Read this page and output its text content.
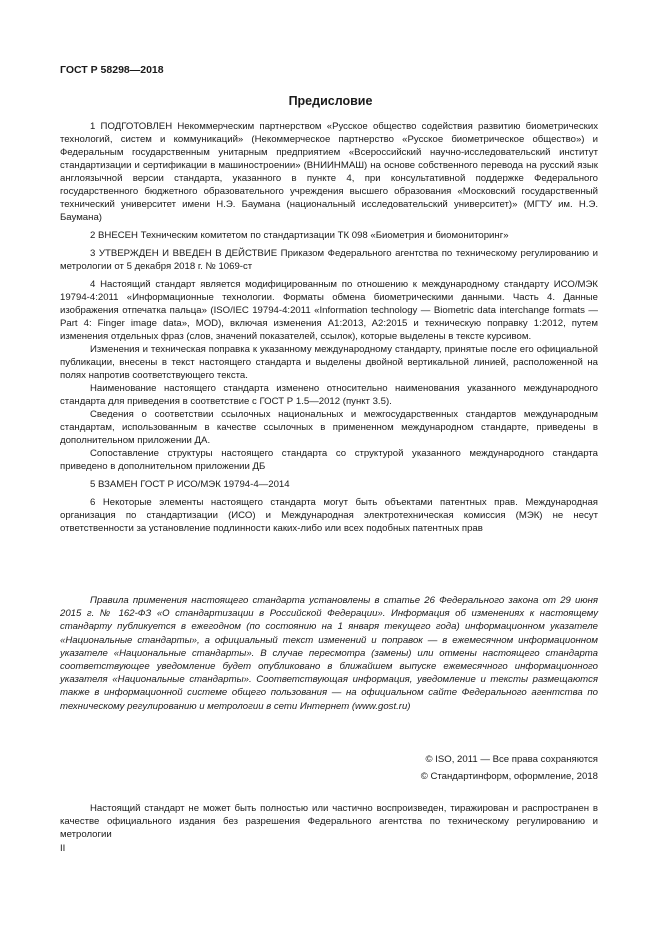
ГОСТ Р 58298—2018
Предисловие

1 ПОДГОТОВЛЕН Некоммерческим партнерством «Русское общество содействия развитию биометрических технологий, систем и коммуникаций» (Некоммерческое партнерство «Русское биометрическое общество») и Федеральным государственным унитарным предприятием «Всероссийский научно-исследовательский институт стандартизации и сертификации в машиностроении» (ВНИИНМАШ) на основе собственного перевода на русский язык англоязычной версии стандарта, указанного в пункте 4, при консультативной поддержке Федерального государственного бюджетного образовательного учреждения высшего образования «Московский государственный технический университет имени Н.Э. Баумана (национальный исследовательский университет)» (МГТУ им. Н.Э. Баумана)

2 ВНЕСЕН Техническим комитетом по стандартизации ТК 098 «Биометрия и биомониторинг»

3 УТВЕРЖДЕН И ВВЕДЕН В ДЕЙСТВИЕ Приказом Федерального агентства по техническому регулированию и метрологии от 5 декабря 2018 г. № 1069-ст

4 Настоящий стандарт является модифицированным по отношению к международному стандарту ИСО/МЭК 19794-4:2011 «Информационные технологии. Форматы обмена биометрическими данными. Часть 4. Данные изображения отпечатка пальца» (ISO/IEC 19794-4:2011 «Information technology — Biometric data interchange formats — Part 4: Finger image data», MOD), включая изменения A1:2013, A2:2015 и техническую поправку 1:2012, путем изменения отдельных фраз (слов, значений показателей, ссылок), которые выделены в тексте курсивом.

Изменения и техническая поправка к указанному международному стандарту, принятые после его официальной публикации, внесены в текст настоящего стандарта и выделены двойной вертикальной линией, расположенной на полях напротив соответствующего текста.

Наименование настоящего стандарта изменено относительно наименования указанного международного стандарта для приведения в соответствие с ГОСТ Р 1.5—2012 (пункт 3.5).

Сведения о соответствии ссылочных национальных и межгосударственных стандартов международным стандартам, использованным в качестве ссылочных в примененном международном стандарте, приведены в дополнительном приложении ДА.

Сопоставление структуры настоящего стандарта со структурой указанного международного стандарта приведено в дополнительном приложении ДБ

5 ВЗАМЕН ГОСТ Р ИСО/МЭК 19794-4—2014

6 Некоторые элементы настоящего стандарта могут быть объектами патентных прав. Международная организация по стандартизации (ИСО) и Международная электротехническая комиссия (МЭК) не несут ответственности за установление подлинности каких-либо или всех подобных патентных прав

Правила применения настоящего стандарта установлены в статье 26 Федерального закона от 29 июня 2015 г. № 162-ФЗ «О стандартизации в Российской Федерации». Информация об изменениях к настоящему стандарту публикуется в ежегодном (по состоянию на 1 января текущего года) информационном указателе «Национальные стандарты», а официальный текст изменений и поправок — в ежемесячном информационном указателе «Национальные стандарты». В случае пересмотра (замены) или отмены настоящего стандарта соответствующее уведомление будет опубликовано в ближайшем выпуске ежемесячного информационного указателя «Национальные стандарты». Соответствующая информация, уведомление и тексты размещаются также в информационной системе общего пользования — на официальном сайте Федерального агентства по техническому регулированию и метрологии в сети Интернет (www.gost.ru)
© ISO, 2011 — Все права сохраняются
© Стандартинформ, оформление, 2018
Настоящий стандарт не может быть полностью или частично воспроизведен, тиражирован и распространен в качестве официального издания без разрешения Федерального агентства по техническому регулированию и метрологии
II
